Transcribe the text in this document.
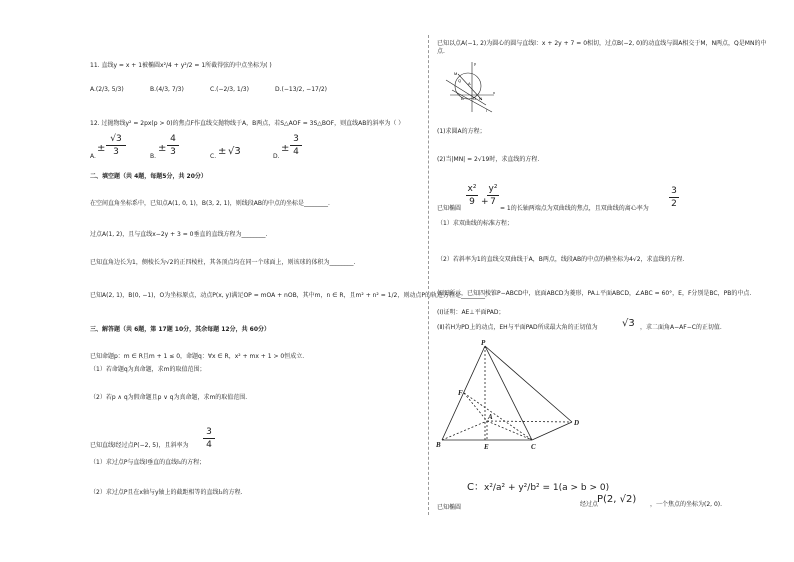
11. 直线y = x + 1被椭圆x²/4 + y²/2 = 1所截得弦的中点坐标为( )
A.(2/3, 5/3)	B.(4/3, 7/3)	C.(−2/3, 1/3)	D.(−13/2, −17/2)
12. 过抛物线y² = 2px(p > 0)的焦点F作直线交抛物线于A，B两点，若S△AOF = 3S△BOF，则直线AB的斜率为（ ）
A.
±
√3
3	B.
±
4
3	C. ± √3	D.
±
3
4
二、填空题（共 4题，每题5分，共 20分）
在空间直角坐标系中，已知点A(1, 0, 1)，B(3, 2, 1)，则线段AB的中点的坐标是________.
过点A(1, 2)，且与直线x−2y + 3 = 0垂直的直线方程为________.
已知直角边长为1，侧棱长为√2的正四棱柱，其各顶点均在同一个球面上，则该球的体积为________.
已知A(2, 1)，B(0, −1)，O为坐标原点，动点P(x, y)满足OP = mOA + nOB，其中m，n ∈ R，且m² + n² = 1/2，则动点P的轨迹方程是________.
三、解答题（共 6题，第 17题 10分，其余每题 12分，共 60分）
已知命题p：m ∈ R且m + 1 ≤ 0，命题q：∀x ∈ R，x² + mx + 1 > 0恒成立.
（1）若命题q为真命题，求m的取值范围；
（2）若p ∧ q为假命题且p ∨ q为真命题，求m的取值范围.
已知直线l经过点P(−2, 5)，且斜率为
3
4
（1）求过点P与直线l垂直的直线l₁的方程；
（2）求过点P且在x轴与y轴上的截距相等的直线l₂的方程.
已知以点A(−1, 2)为圆心的圆与直线l：x + 2y + 7 = 0相切，过点B(−2, 0)的动直线与圆A相交于M，N两点，Q是MN的中点.
y
M
Q
N
A
B O
x
l
(1)求圆A的方程；
(2)当|MN| = 2√19时，求直线的方程.
已知椭圆
x²
9 +
y²
7
= 1的长轴两端点为双曲线的焦点，且双曲线的离心率为
3
2
（1）求双曲线的标准方程；
（2）若斜率为1的直线交双曲线于A，B两点，线段AB的中点的横坐标为4√2，求直线的方程.
如图所示，已知四棱锥P−ABCD中，底面ABCD为菱形，PA⊥平面ABCD，∠ABC = 60°，E，F分别是BC，PB的中点.
(Ⅰ)证明：AE⊥平面PAD；
(Ⅱ)若H为PD上的动点，EH与平面PAD所成最大角的正切值为 √3 ，求二面角A−AF−C的正切值.
P
F
A
D
B	E	C
已知椭圆
C： x²/a² + y²/b² = 1(a > b > 0)
经过点
P(2, √2) ，一个焦点的坐标为(2, 0).
